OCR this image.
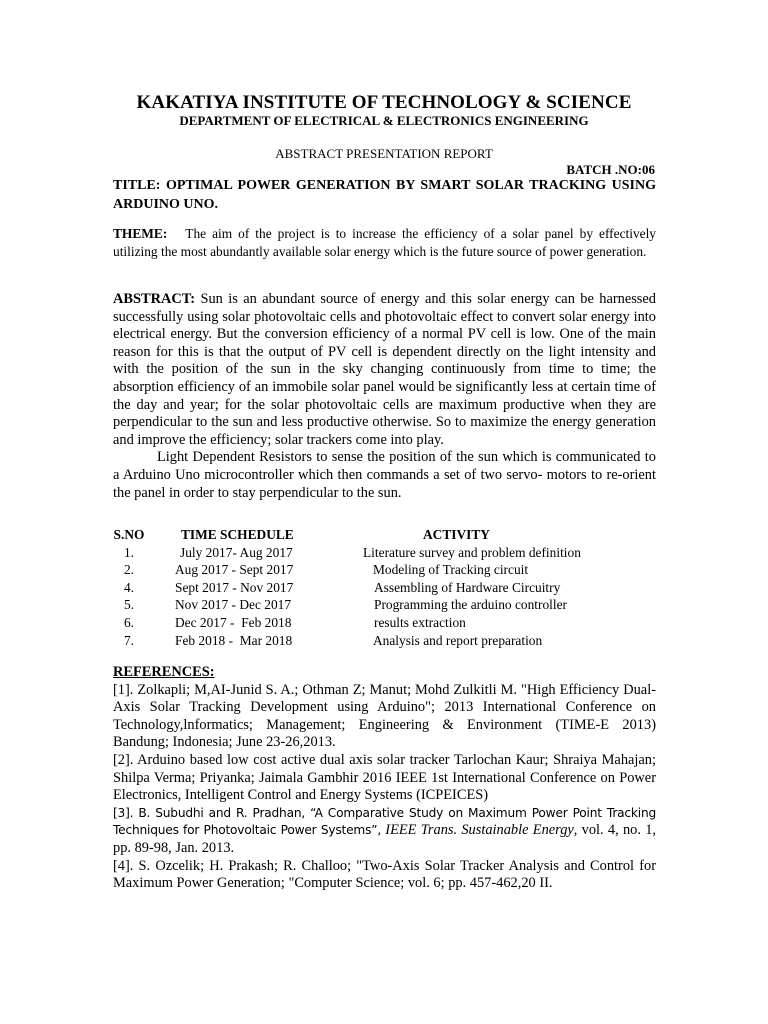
KAKATIYA INSTITUTE OF TECHNOLOGY & SCIENCE
DEPARTMENT OF ELECTRICAL & ELECTRONICS ENGINEERING
ABSTRACT PRESENTATION REPORT
BATCH .NO:06
TITLE: OPTIMAL POWER GENERATION BY SMART SOLAR TRACKING USING ARDUINO UNO.
THEME: The aim of the project is to increase the efficiency of a solar panel by effectively utilizing the most abundantly available solar energy which is the future source of power generation.

ABSTRACT: Sun is an abundant source of energy and this solar energy can be harnessed successfully using solar photovoltaic cells and photovoltaic effect to convert solar energy into electrical energy. But the conversion efficiency of a normal PV cell is low. One of the main reason for this is that the output of PV cell is dependent directly on the light intensity and with the position of the sun in the sky changing continuously from time to time; the absorption efficiency of an immobile solar panel would be significantly less at certain time of the day and year; for the solar photovoltaic cells are maximum productive when they are perpendicular to the sun and less productive otherwise. So to maximize the energy generation and improve the efficiency; solar trackers come into play.

Light Dependent Resistors to sense the position of the sun which is communicated to a Arduino Uno microcontroller which then commands a set of two servo- motors to re-orient the panel in order to stay perpendicular to the sun.

S.NO	TIME SCHEDULE	ACTIVITY
1.	July 2017- Aug 2017	Literature survey and problem definition
2.	Aug 2017 - Sept 2017	Modeling of Tracking circuit
4.	Sept 2017 - Nov 2017	Assembling of Hardware Circuitry
5.	Nov 2017 - Dec 2017	Programming the arduino controller
6.	Dec 2017 -  Feb 2018	results extraction
7.	Feb 2018 -  Mar 2018	Analysis and report preparation

REFERENCES:

[1]. Zolkapli; M,AI-Junid S. A.; Othman Z; Manut; Mohd Zulkitli M. "High Efficiency Dual-Axis Solar Tracking Development using Arduino"; 2013 International Conference on Technology,lnformatics; Management; Engineering & Environment (TIME-E 2013) Bandung; Indonesia; June 23-26,2013.

[2]. Arduino based low cost active dual axis solar tracker Tarlochan Kaur; Shraiya Mahajan; Shilpa Verma; Priyanka; Jaimala Gambhir 2016 IEEE 1st International Conference on Power Electronics, Intelligent Control and Energy Systems (ICPEICES)

[3]. B. Subudhi and R. Pradhan, “A Comparative Study on Maximum Power Point Tracking Techniques for Photovoltaic Power Systems”, IEEE Trans. Sustainable Energy, vol. 4, no. 1, pp. 89-98, Jan. 2013.

[4]. S. Ozcelik; H. Prakash; R. Challoo; "Two-Axis Solar Tracker Analysis and Control for Maximum Power Generation; "Computer Science; vol. 6; pp. 457-462,20 II.
